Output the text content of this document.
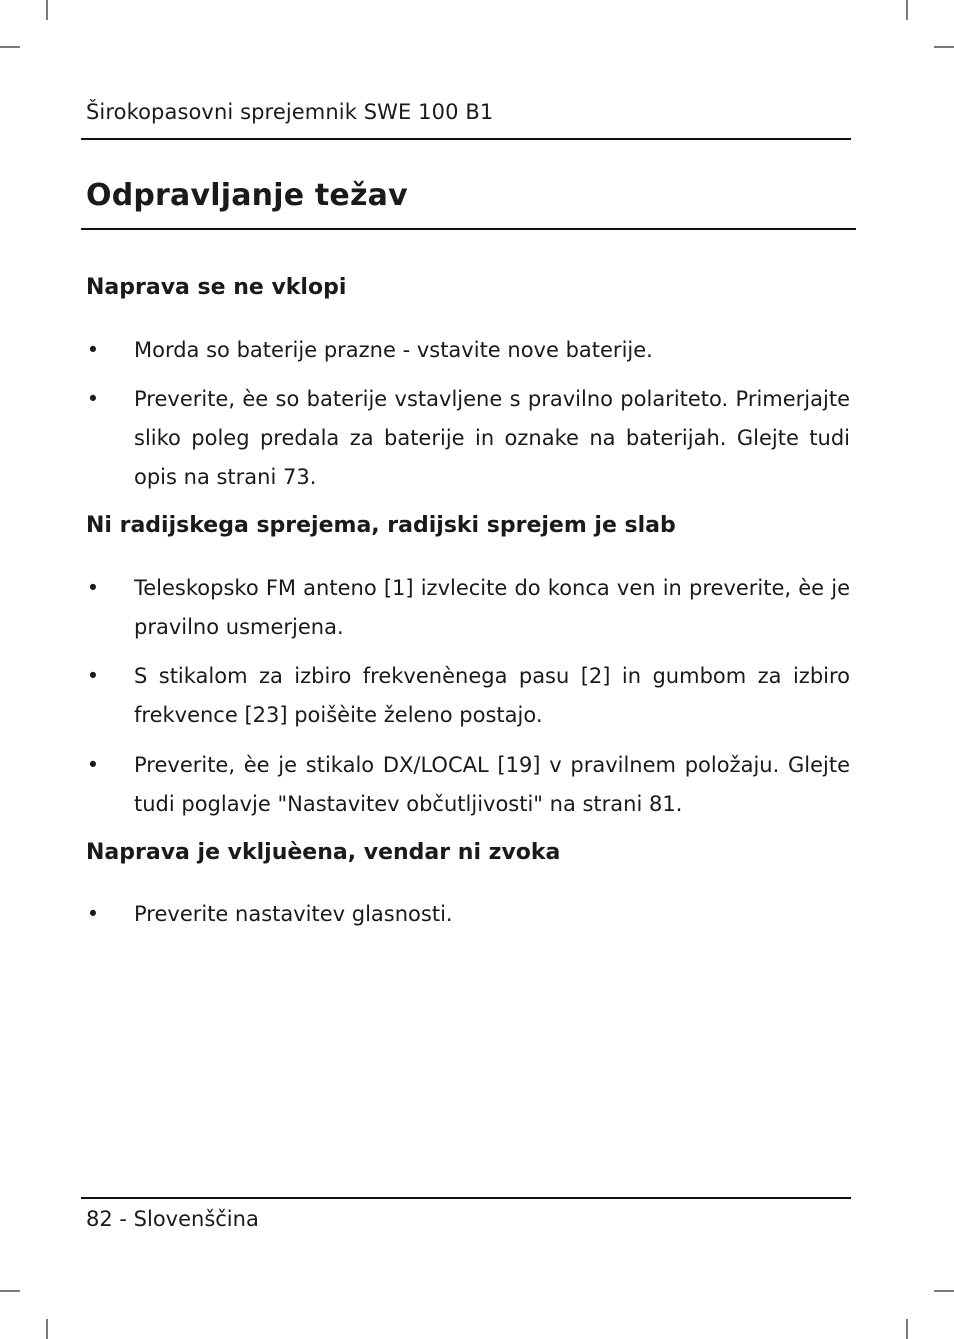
Širokopasovni sprejemnik SWE 100 B1
Odpravljanje težav
Naprava se ne vklopi
• Morda so baterije prazne - vstavite nove baterije.
• Preverite, èe so baterije vstavljene s pravilno polariteto. Primerjajte sliko poleg predala za baterije in oznake na baterijah. Glejte tudi opis na strani 73.
Ni radijskega sprejema, radijski sprejem je slab
• Teleskopsko FM anteno [1] izvlecite do konca ven in preverite, èe je pravilno usmerjena.
• S stikalom za izbiro frekvenènega pasu [2] in gumbom za izbiro frekvence [23] poišèite želeno postajo.
• Preverite, èe je stikalo DX/LOCAL [19] v pravilnem položaju. Glejte tudi poglavje "Nastavitev občutljivosti" na strani 81.
Naprava je vkljuèena, vendar ni zvoka
• Preverite nastavitev glasnosti.
82 - Slovenščina
